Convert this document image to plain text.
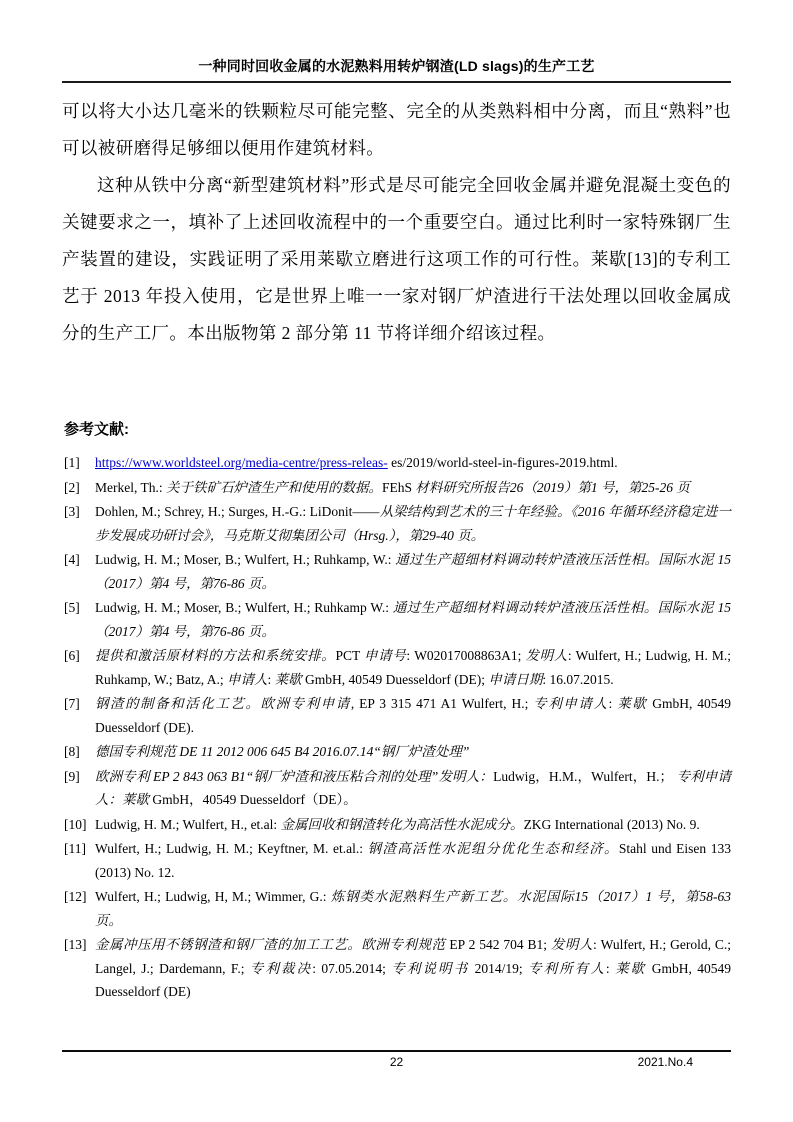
一种同时回收金属的水泥熟料用转炉钢渣(LD slags)的生产工艺

可以将大小达几毫米的铁颗粒尽可能完整、完全的从类熟料相中分离，而且“熟料”也可以被研磨得足够细以便用作建筑材料。

这种从铁中分离“新型建筑材料”形式是尽可能完全回收金属并避免混凝土变色的关键要求之一，填补了上述回收流程中的一个重要空白。通过比利时一家特殊钢厂生产装置的建设，实践证明了采用莱歇立磨进行这项工作的可行性。莱歇[13]的专利工艺于 2013 年投入使用，它是世界上唯一一家对钢厂炉渣进行干法处理以回收金属成分的生产工厂。本出版物第 2 部分第 11 节将详细介绍该过程。

参考文献:
[1] https://www.worldsteel.org/media-centre/press-releas- es/2019/world-steel-in-figures-2019.html.
[2] Merkel, Th.: 关于铁矿石炉渣生产和使用的数据。FEhS 材料研究所报告26（2019）第1 号，第25-26 页
[3] Dohlen, M.; Schrey, H.; Surges, H.-G.: LiDonit——从梁结构到艺术的三十年经验。《2016 年循环经济稳定进一步发展成功研讨会》，马克斯艾彻集团公司（Hrsg.），第29-40 页。
[4] Ludwig, H. M.; Moser, B.; Wulfert, H.; Ruhkamp, W.: 通过生产超细材料调动转炉渣液压活性相。国际水泥 15（2017）第4 号，第76-86 页。
[5] Ludwig, H. M.; Moser, B.; Wulfert, H.; Ruhkamp W.: 通过生产超细材料调动转炉渣液压活性相。国际水泥 15（2017）第4 号，第76-86 页。
[6] 提供和激活原材料的方法和系统安排。PCT 申请号: W02017008863A1; 发明人: Wulfert, H.; Ludwig, H. M.; Ruhkamp, W.; Batz, A.; 申请人: 莱歇 GmbH, 40549 Duesseldorf (DE); 申请日期: 16.07.2015.
[7] 钢渣的制备和活化工艺。欧洲专利申请, EP 3 315 471 A1 Wulfert, H.; 专利申请人: 莱歇 GmbH, 40549 Duesseldorf (DE).
[8] 德国专利规范 DE 11 2012 006 645 B4 2016.07.14“钢厂炉渣处理”
[9] 欧洲专利 EP 2 843 063 B1“钢厂炉渣和液压粘合剂的处理”发明人：Ludwig，H.M.，Wulfert，H.； 专利申请人：莱歇 GmbH，40549 Duesseldorf（DE）。
[10] Ludwig, H. M.; Wulfert, H., et.al: 金属回收和钢渣转化为高活性水泥成分。ZKG International (2013) No. 9.
[11] Wulfert, H.; Ludwig, H. M.; Keyftner, M. et.al.: 钢渣高活性水泥组分优化生态和经济。Stahl und Eisen 133 (2013) No. 12.
[12] Wulfert, H.; Ludwig, H, M.; Wimmer, G.: 炼钢类水泥熟料生产新工艺。水泥国际15（2017）1 号，第58-63 页。
[13] 金属冲压用不锈钢渣和钢厂渣的加工工艺。欧洲专利规范 EP 2 542 704 B1; 发明人: Wulfert, H.; Gerold, C.; Langel, J.; Dardemann, F.; 专利裁决: 07.05.2014; 专利说明书 2014/19; 专利所有人: 莱歇 GmbH, 40549 Duesseldorf (DE)
22	2021.No.4
